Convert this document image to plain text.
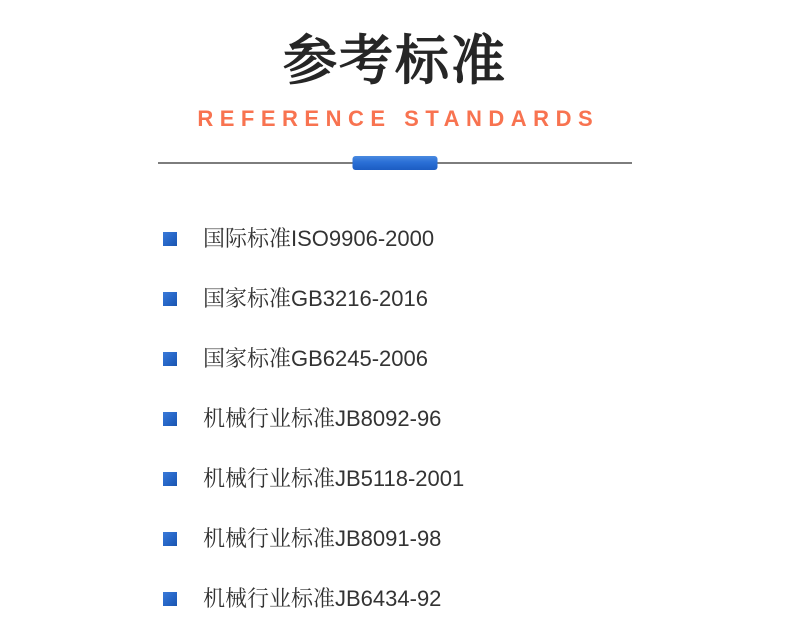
参考标准
REFERENCE STANDARDS
国际标准ISO9906-2000
国家标准GB3216-2016
国家标准GB6245-2006
机械行业标准JB8092-96
机械行业标准JB5118-2001
机械行业标准JB8091-98
机械行业标准JB6434-92
